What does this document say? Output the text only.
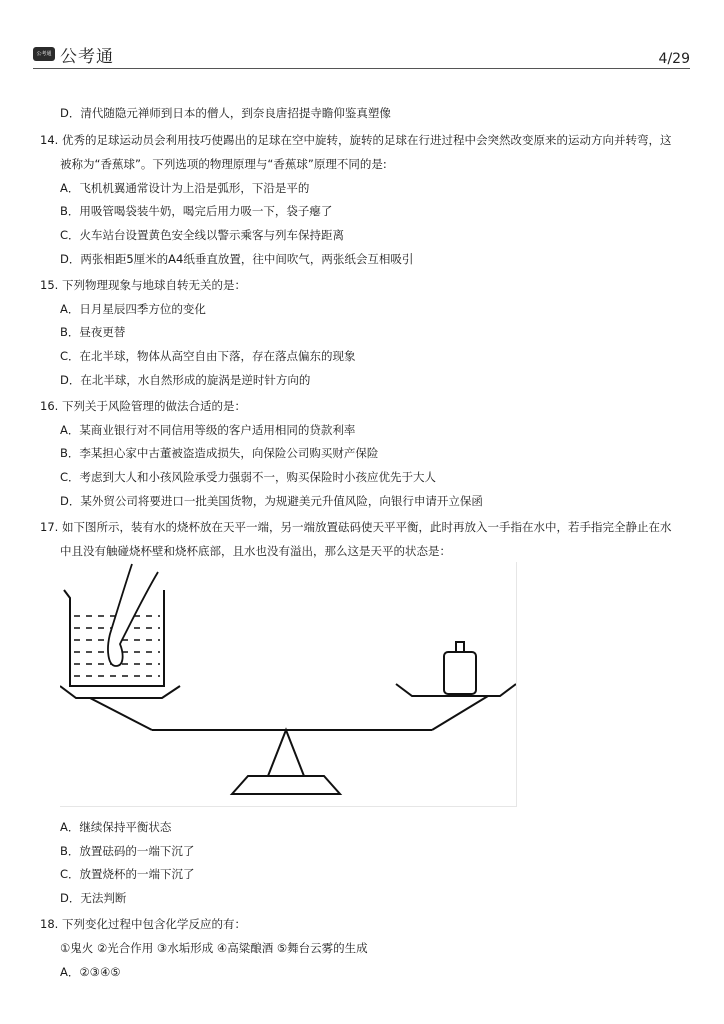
公考通 公考通	4/29
D．清代随隐元禅师到日本的僧人，到奈良唐招提寺瞻仰鉴真塑像
14. 优秀的足球运动员会利用技巧使踢出的足球在空中旋转，旋转的足球在行进过程中会突然改变原来的运动方向并转弯，这
被称为“香蕉球”。下列选项的物理原理与“香蕉球”原理不同的是:
A．飞机机翼通常设计为上沿是弧形，下沿是平的
B．用吸管喝袋装牛奶，喝完后用力吸一下，袋子瘪了
C．火车站台设置黄色安全线以警示乘客与列车保持距离
D．两张相距5厘米的A4纸垂直放置，往中间吹气，两张纸会互相吸引
15. 下列物理现象与地球自转无关的是：
A．日月星辰四季方位的变化
B．昼夜更替
C．在北半球，物体从高空自由下落，存在落点偏东的现象
D．在北半球，水自然形成的旋涡是逆时针方向的
16. 下列关于风险管理的做法合适的是：
A．某商业银行对不同信用等级的客户适用相同的贷款利率
B．李某担心家中古董被盗造成损失，向保险公司购买财产保险
C．考虑到大人和小孩风险承受力强弱不一，购买保险时小孩应优先于大人
D．某外贸公司将要进口一批美国货物，为规避美元升值风险，向银行申请开立保函
17. 如下图所示，装有水的烧杯放在天平一端，另一端放置砝码使天平平衡，此时再放入一手指在水中，若手指完全静止在水
中且没有触碰烧杯壁和烧杯底部，且水也没有溢出，那么这是天平的状态是：
A．继续保持平衡状态
B．放置砝码的一端下沉了
C．放置烧杯的一端下沉了
D．无法判断
18. 下列变化过程中包含化学反应的有：
①鬼火 ②光合作用 ③水垢形成 ④高粱酿酒 ⑤舞台云雾的生成
A．②③④⑤
